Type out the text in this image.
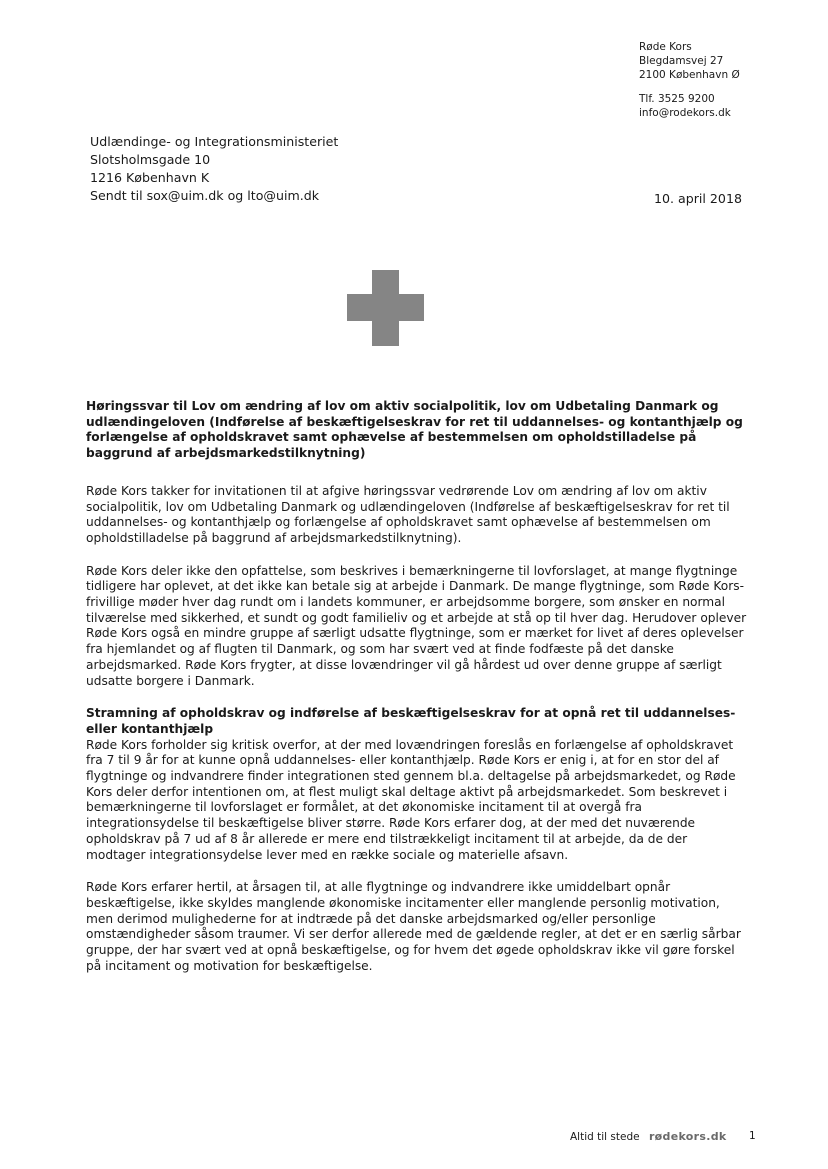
Røde Kors
Blegdamsvej 27
2100 København Ø
Tlf. 3525 9200
info@rodekors.dk
Udlændinge- og Integrationsministeriet
Slotsholmsgade 10
1216 København K
Sendt til sox@uim.dk og lto@uim.dk	10. april 2018

Høringssvar til Lov om ændring af lov om aktiv socialpolitik, lov om Udbetaling Danmark og udlændingeloven (Indførelse af beskæftigelseskrav for ret til uddannelses- og kontanthjælp og forlængelse af opholdskravet samt ophævelse af bestemmelsen om opholdstilladelse på baggrund af arbejdsmarkedstilknytning)

Røde Kors takker for invitationen til at afgive høringssvar vedrørende Lov om ændring af lov om aktiv socialpolitik, lov om Udbetaling Danmark og udlændingeloven (Indførelse af beskæftigelseskrav for ret til uddannelses- og kontanthjælp og forlængelse af opholdskravet samt ophævelse af bestemmelsen om opholdstilladelse på baggrund af arbejdsmarkedstilknytning).

Røde Kors deler ikke den opfattelse, som beskrives i bemærkningerne til lovforslaget, at mange flygtninge tidligere har oplevet, at det ikke kan betale sig at arbejde i Danmark. De mange flygtninge, som Røde Kors-frivillige møder hver dag rundt om i landets kommuner, er arbejdsomme borgere, som ønsker en normal tilværelse med sikkerhed, et sundt og godt familieliv og et arbejde at stå op til hver dag. Herudover oplever Røde Kors også en mindre gruppe af særligt udsatte flygtninge, som er mærket for livet af deres oplevelser fra hjemlandet og af flugten til Danmark, og som har svært ved at finde fodfæste på det danske arbejdsmarked. Røde Kors frygter, at disse lovændringer vil gå hårdest ud over denne gruppe af særligt udsatte borgere i Danmark.

Stramning af opholdskrav og indførelse af beskæftigelseskrav for at opnå ret til uddannelses- eller kontanthjælp

Røde Kors forholder sig kritisk overfor, at der med lovændringen foreslås en forlængelse af opholdskravet fra 7 til 9 år for at kunne opnå uddannelses- eller kontanthjælp. Røde Kors er enig i, at for en stor del af flygtninge og indvandrere finder integrationen sted gennem bl.a. deltagelse på arbejdsmarkedet, og Røde Kors deler derfor intentionen om, at flest muligt skal deltage aktivt på arbejdsmarkedet. Som beskrevet i bemærkningerne til lovforslaget er formålet, at det økonomiske incitament til at overgå fra integrationsydelse til beskæftigelse bliver større. Røde Kors erfarer dog, at der med det nuværende opholdskrav på 7 ud af 8 år allerede er mere end tilstrækkeligt incitament til at arbejde, da de der modtager integrationsydelse lever med en række sociale og materielle afsavn.

Røde Kors erfarer hertil, at årsagen til, at alle flygtninge og indvandrere ikke umiddelbart opnår beskæftigelse, ikke skyldes manglende økonomiske incitamenter eller manglende personlig motivation, men derimod mulighederne for at indtræde på det danske arbejdsmarked og/eller personlige omstændigheder såsom traumer. Vi ser derfor allerede med de gældende regler, at det er en særlig sårbar gruppe, der har svært ved at opnå beskæftigelse, og for hvem det øgede opholdskrav ikke vil gøre forskel på incitament og motivation for beskæftigelse.

Altid til stede rødekors.dk 1
